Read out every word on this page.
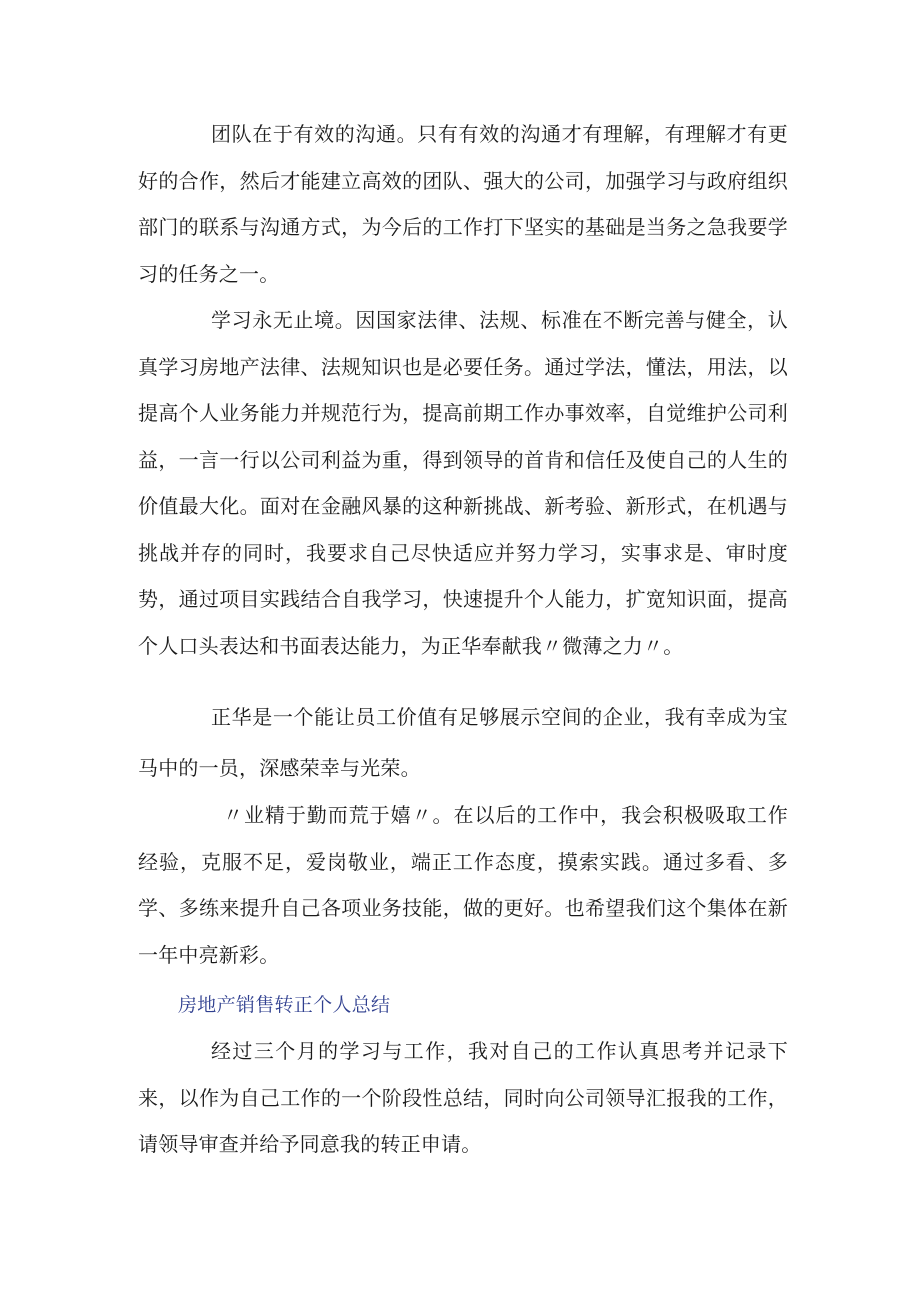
团队在于有效的沟通。只有有效的沟通才有理解，有理解才有更好的合作，然后才能建立高效的团队、强大的公司，加强学习与政府组织部门的联系与沟通方式，为今后的工作打下坚实的基础是当务之急我要学习的任务之一。

学习永无止境。因国家法律、法规、标准在不断完善与健全，认真学习房地产法律、法规知识也是必要任务。通过学法，懂法，用法，以提高个人业务能力并规范行为，提高前期工作办事效率，自觉维护公司利益，一言一行以公司利益为重，得到领导的首肯和信任及使自己的人生的价值最大化。面对在金融风暴的这种新挑战、新考验、新形式，在机遇与挑战并存的同时，我要求自己尽快适应并努力学习，实事求是、审时度势，通过项目实践结合自我学习，快速提升个人能力，扩宽知识面，提高个人口头表达和书面表达能力，为正华奉献我〃微薄之力〃。

正华是一个能让员工价值有足够展示空间的企业，我有幸成为宝马中的一员，深感荣幸与光荣。

〃业精于勤而荒于嬉〃。在以后的工作中，我会积极吸取工作经验，克服不足，爱岗敬业，端正工作态度，摸索实践。通过多看、多学、多练来提升自己各项业务技能，做的更好。也希望我们这个集体在新一年中亮新彩。

房地产销售转正个人总结

经过三个月的学习与工作，我对自己的工作认真思考并记录下来，以作为自己工作的一个阶段性总结，同时向公司领导汇报我的工作，请领导审查并给予同意我的转正申请。
